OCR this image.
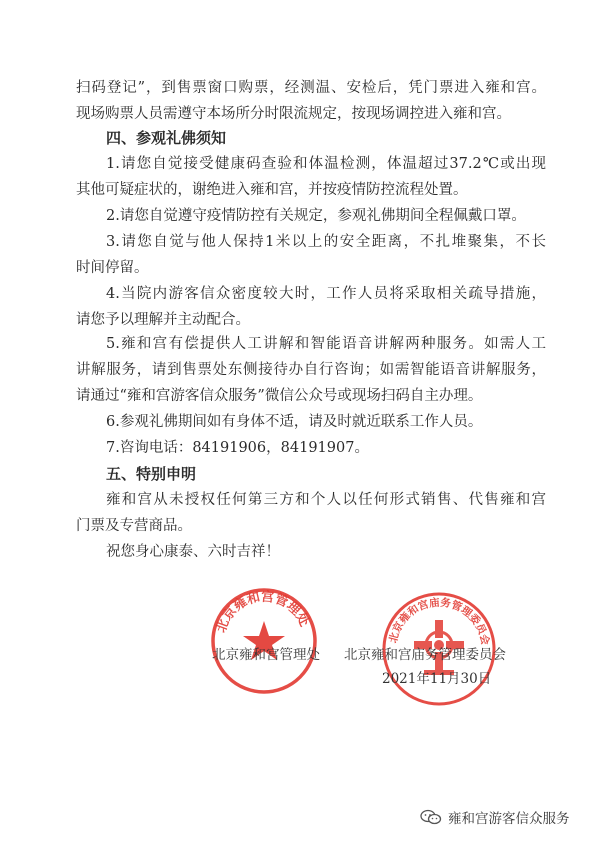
扫码登记”，到售票窗口购票，经测温、安检后，凭门票进入雍和宫。
现场购票人员需遵守本场所分时限流规定，按现场调控进入雍和宫。
四、参观礼佛须知
1.请您自觉接受健康码查验和体温检测，体温超过37.2℃或出现
其他可疑症状的，谢绝进入雍和宫，并按疫情防控流程处置。
2.请您自觉遵守疫情防控有关规定，参观礼佛期间全程佩戴口罩。
3.请您自觉与他人保持1米以上的安全距离，不扎堆聚集，不长
时间停留。
4.当院内游客信众密度较大时，工作人员将采取相关疏导措施，
请您予以理解并主动配合。
5.雍和宫有偿提供人工讲解和智能语音讲解两种服务。如需人工
讲解服务，请到售票处东侧接待办自行咨询；如需智能语音讲解服务，
请通过“雍和宫游客信众服务”微信公众号或现场扫码自主办理。
6.参观礼佛期间如有身体不适，请及时就近联系工作人员。
7.咨询电话：84191906，84191907。
五、特别申明
雍和宫从未授权任何第三方和个人以任何形式销售、代售雍和宫
门票及专营商品。
祝您身心康泰、六时吉祥！
北京雍和宫管理处
北京雍和宫庙务管理委员会
北京雍和宫管理处 北京雍和宫庙务管理委员会
2021年11月30日
雍和宫游客信众服务
